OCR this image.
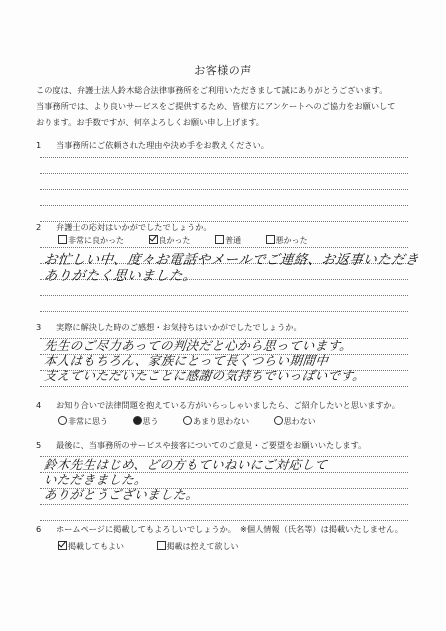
お客様の声
この度は、弁護士法人鈴木総合法律事務所をご利用いただきまして誠にありがとうございます。
当事務所では、より良いサービスをご提供するため、皆様方にアンケートへのご協力をお願いして
おります。お手数ですが、何卒よろしくお願い申し上げます。
1 当事務所にご依頼された理由や決め手をお教えください。
2 弁護士の応対はいかがでしたでしょうか。
非常に良かった	良かった	普通	悪かった
お忙しい中、度々お電話やメールでご連絡、お返事いただき
ありがたく思いました。
3 実際に解決した時のご感想・お気持ちはいかがでしたでしょうか。
先生のご尽力あっての判決だと心から思っています。
本人はもちろん、家族にとって長くつらい期間中
支えていただいたことに感謝の気持ちでいっぱいです。
4 お知り合いで法律問題を抱えている方がいらっしゃいましたら、ご紹介したいと思いますか。
非常に思う	思う	あまり思わない	思わない
5 最後に、当事務所のサービスや接客についてのご意見・ご要望をお願いいたします。
鈴木先生はじめ、どの方もていねいにご対応して
いただきました。
ありがとうございました。
6 ホームページに掲載してもよろしいでしょうか。　※個人情報（氏名等）は掲載いたしません。
掲載してもよい	掲載は控えて欲しい
